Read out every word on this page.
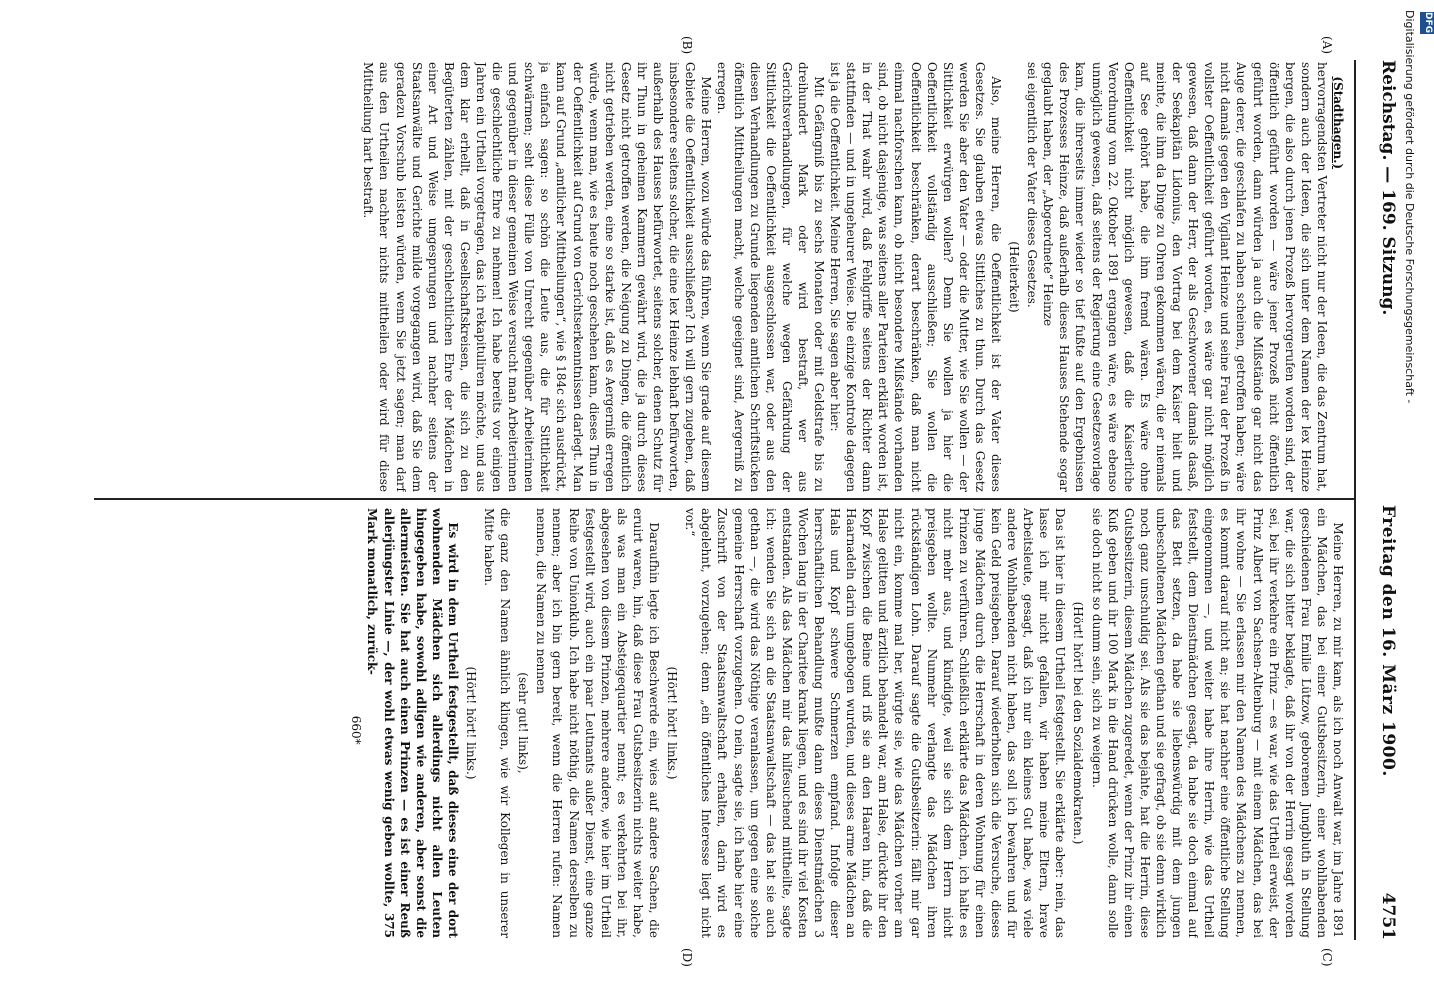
Reichstag. — 169. Sitzung.
Freitag den 16. März 1900.
4751
(A)
(B)
(C)
(D)

(Stadthagen.)

hervorragendsten Vertreter nicht nur der Ideen, die das Zentrum hat, sondern auch der Ideen, die sich unter dem Namen der lex Heinze bergen, die also durch jenen Prozeß hervorgerufen worden sind, der öffentlich geführt worden — wäre jener Prozeß nicht öffentlich geführt worden, dann würden ja auch die Mißstände gar nicht das Auge derer, die geschlafen zu haben scheinen, getroffen haben; wäre nicht damals gegen den Vigilant Heinze und seine Frau der Prozeß in vollster Oeffentlichkeit geführt worden, es wäre gar nicht möglich gewesen, daß dann der Herr, der als Geschworener damals dasaß, der Seekapitän Lidonius, den Vortrag bei dem Kaiser hielt und meinte, die ihm da Dinge zu Ohren gekommen wären, die er niemals auf See gehört habe, die ihm fremd wären. Es wäre ohne Oeffentlichkeit nicht möglich gewesen, daß die Kaiserliche Verordnung vom 22. Oktober 1891 ergangen wäre, es wäre ebenso unmöglich gewesen, daß seitens der Regierung eine Gesetzesvorlage kam, die ihrerseits immer wieder so tief fußte auf den Ergebnissen des Prozesses Heinze, daß außerhalb dieses Hauses Stehende sogar geglaubt haben, der „Abgeordnete“ Heinze

sei eigentlich der Vater dieses Gesetzes.

(Heiterkeit)

Also, meine Herren, die Oeffentlichkeit ist der Vater dieses Gesetzes. Sie glauben etwas Sittliches zu thun. Durch das Gesetz werden Sie aber den Vater — oder die Mutter, wie Sie wollen — der Sittlichkeit erwürgen wollen? Denn Sie wollen ja hier die Oeffentlichkeit vollständig ausschließen; Sie wollen die Oeffentlichkeit beschränken, derart beschränken, daß man nicht einmal nachforschen kann, ob nicht besondere Mißstände vorhanden sind, ob nicht dasjenige, was seitens aller Parteien erklärt worden ist, in der That wahr wird, daß Fehlgriffe seitens der Richter dann stattfinden — und in ungeheurer Weise. Die einzige Kontrole dagegen ist ja die Oeffentlichkeit. Meine Herren, Sie sagen aber hier:

Mit Gefängniß bis zu sechs Monaten oder mit Geldstrafe bis zu dreihundert Mark oder wird bestraft, wer aus Gerichtsverhandlungen, für welche wegen Gefährdung der Sittlichkeit die Oeffentlichkeit ausgeschlossen war, oder aus den diesen Verhandlungen zu Grunde liegenden amtlichen Schriftstücken öffentlich Mittheilungen macht, welche geeignet sind, Aergerniß zu erregen.

Meine Herren, wozu würde das führen, wenn Sie grade auf diesem Gebiete die Oeffentlichkeit ausschließen? Ich will gern zugeben, daß insbesondere seitens solcher, die eine lex Heinze lebhaft befürworten, außerhalb des Hauses befürwortet, seitens solcher, denen Schutz für ihr Thun in geheimen Kammern gewährt wird, die ja durch dieses Gesetz nicht getroffen werden, die Neigung zu Dingen, die öffentlich nicht getrieben werden, eine so starke ist, daß es Aergerniß erregen würde, wenn man, wie es heute noch geschehen kann, dieses Thun in der Oeffentlichkeit auf Grund von Gerichtserkenntnissen darlegt. Man kann auf Grund „amtlicher Mittheilungen“, wie § 184c sich ausdrückt, ja einfach sagen: so schön die Leute aus, die für Sittlichkeit schwärmen; seht diese Fülle von Unrecht gegenüber Arbeiterinnen und gegenüber in dieser gemeinen Weise versucht man Arbeiterinnen die geschlechtliche Ehre zu nehmen! Ich habe bereits vor einigen Jahren ein Urtheil vorgetragen, das ich rekapituliren möchte, und aus dem klar erhellt, daß in Gesellschaftskreisen, die sich zu den Begüterten zählen, mit der geschlechtlichen Ehre der Mädchen in einer Art und Weise umgesprungen und nachher seitens der Staatsanwälte und Gerichte milde vorgegangen wird, daß Sie dem geradezu Vorschub leisten würden, wenn Sie jetzt sagen; man darf aus den Urtheilen nachher nichts mittheilen oder wird für diese Mittheilung hart bestraft.

Meine Herren, zu mir kam, als ich noch Anwalt war, im Jahre 1891 ein Mädchen, das bei einer Gutsbesitzerin, einer wohlhabenden geschiedenen Frau Emilie Lützow, geborenen Jungbluth in Stellung war, die sich bitter beklagte, daß ihr von der Herrin gesagt worden sei, bei ihr verkehre ein Prinz — es war, wie das Urtheil erweist, der Prinz Albert von Sachsen-Altenburg — mit einem Mädchen, das bei ihr wohne — Sie erlassen mir den Namen des Mädchens zu nennen, es kommt darauf nicht an; sie hat nachher eine öffentliche Stellung eingenommen —, und weiter habe ihre Herrin, wie das Urtheil feststellt, dem Dienstmädchen gesagt, da habe sie doch einmal auf das Bett setzen, da habe sie liebenswürdig mit dem jungen unbescholtenen Mädchen gethan und sie gefragt, ob sie denn wirklich noch ganz unschuldig sei. Als sie das bejahte, hat die Herrin, diese Gutsbesitzerin, diesem Mädchen zugeredet, wenn der Prinz ihr einen Kuß geben und ihr 100 Mark in die Hand drücken wolle, dann solle sie doch nicht so dumm sein, sich zu weigern.

(Hört! hört! bei den Sozialdemokraten.)

Das ist hier in diesem Urtheil festgestellt. Sie erklärte aber: nein, das lasse ich mir nicht gefallen, wir haben meine Eltern, brave Arbeitsleute, gesagt, daß ich nur ein kleines Gut habe, was viele andere Wohlhabenden nicht haben, das soll ich bewahren und für kein Geld preisgeben. Darauf wiederholten sich die Versuche, dieses junge Mädchen durch die Herrschaft in deren Wohnung für einen Prinzen zu verführen. Schließlich erklärte das Mädchen, ich halte es nicht mehr aus, und kündigte, weil sie sich dem Herrn nicht preisgeben wollte. Nunmehr verlangte das Mädchen ihren rückständigen Lohn. Darauf sagte die Gutsbesitzerin: fällt mir gar nicht ein, komme mal her, würgte sie, wie das Mädchen vorher am Halse gelitten und ärztlich behandelt war, am Halse, drückte ihr den Kopf zwischen die Beine und riß sie an den Haaren hin, daß die Haarnadeln darin umgebogen wurden, und dieses arme Mädchen an Hals und Kopf schwere Schmerzen empfand. Infolge dieser herrschaftlichen Behandlung mußte dann dieses Dienstmädchen 3 Wochen lang in der Charitee krank liegen, und es sind ihr viel Kosten entstanden. Als das Mädchen mir das hilfesuchend mittheilte, sagte ich: wenden Sie sich an die Staatsanwaltschaft — das hat sie auch gethan —, die wird das Nöthige veranlassen, um gegen eine solche gemeine Herrschaft vorzugehen. O nein, sagte sie, ich habe hier eine Zuschrift von der Staatsanwaltschaft erhalten, darin wird es abgelehnt, vorzugehen; denn „ein öffentliches Interesse liegt nicht vor.“

(Hört! hört! links.)

Daraufhin legte ich Beschwerde ein, wies auf andere Sachen, die eruirt waren, hin, daß diese Frau Gutsbesitzerin nichts weiter habe, als was man ein Absteigequartier nennt; es verkehrten bei ihr, abgesehen von diesem Prinzen, mehrere andere, wie hier im Urtheil festgestellt wird, auch ein paar Leutnants außer Dienst, eine ganze Reihe von Unionklub. Ich habe nicht nöthig, die Namen derselben zu nennen; aber ich bin gern bereit, wenn die Herren rufen: Namen nennen, die Namen zu nennen

(sehr gut! links),

die ganz den Namen ähnlich klingen, wie wir Kollegen in unserer Mitte haben.

(Hört! hört! links.)

Es wird in dem Urtheil festgestellt, daß dieses eine der dort wohnenden Mädchen sich allerdings nicht allen Leuten hingegeben habe, sowohl adligen wie anderen, aber sonst die allermeisten. Sie hat auch einen Prinzen — es ist einer Reuß allerjüngster Linie —, der wohl etwas wenig geben wollte, 375 Mark monatlich, zurück-

660*

DFG
Digitalisierung gefördert durch die Deutsche Forschungsgemeinschaft -
